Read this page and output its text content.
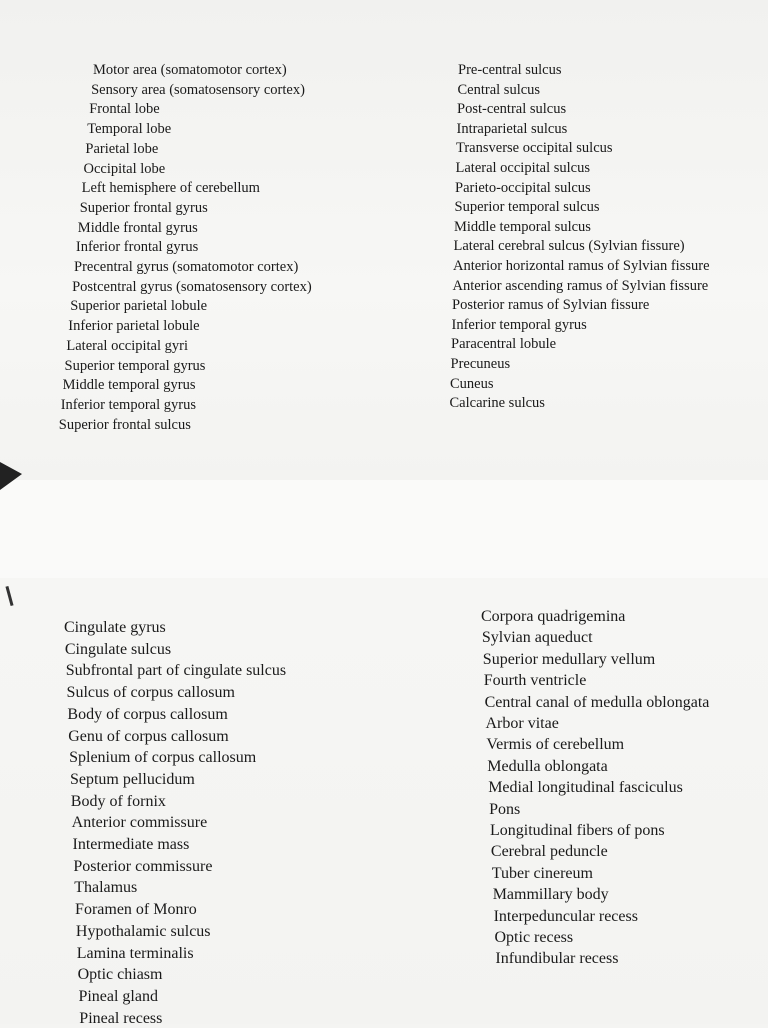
Motor area (somatomotor cortex)
Sensory area (somatosensory cortex)
Frontal lobe
Temporal lobe
Parietal lobe
Occipital lobe
Left hemisphere of cerebellum
Superior frontal gyrus
Middle frontal gyrus
Inferior frontal gyrus
Precentral gyrus (somatomotor cortex)
Postcentral gyrus (somatosensory cortex)
Superior parietal lobule
Inferior parietal lobule
Lateral occipital gyri
Superior temporal gyrus
Middle temporal gyrus
Inferior temporal gyrus
Superior frontal sulcus
Pre-central sulcus
Central sulcus
Post-central sulcus
Intraparietal sulcus
Transverse occipital sulcus
Lateral occipital sulcus
Parieto-occipital sulcus
Superior temporal sulcus
Middle temporal sulcus
Lateral cerebral sulcus (Sylvian fissure)
Anterior horizontal ramus of Sylvian fissure
Anterior ascending ramus of Sylvian fissure
Posterior ramus of Sylvian fissure
Inferior temporal gyrus
Paracentral lobule
Precuneus
Cuneus
Calcarine sulcus
Cingulate gyrus
Cingulate sulcus
Subfrontal part of cingulate sulcus
Sulcus of corpus callosum
Body of corpus callosum
Genu of corpus callosum
Splenium of corpus callosum
Septum pellucidum
Body of fornix
Anterior commissure
Intermediate mass
Posterior commissure
Thalamus
Foramen of Monro
Hypothalamic sulcus
Lamina terminalis
Optic chiasm
Pineal gland
Pineal recess
Corpora quadrigemina
Sylvian aqueduct
Superior medullary vellum
Fourth ventricle
Central canal of medulla oblongata
Arbor vitae
Vermis of cerebellum
Medulla oblongata
Medial longitudinal fasciculus
Pons
Longitudinal fibers of pons
Cerebral peduncle
Tuber cinereum
Mammillary body
Interpeduncular recess
Optic recess
Infundibular recess
